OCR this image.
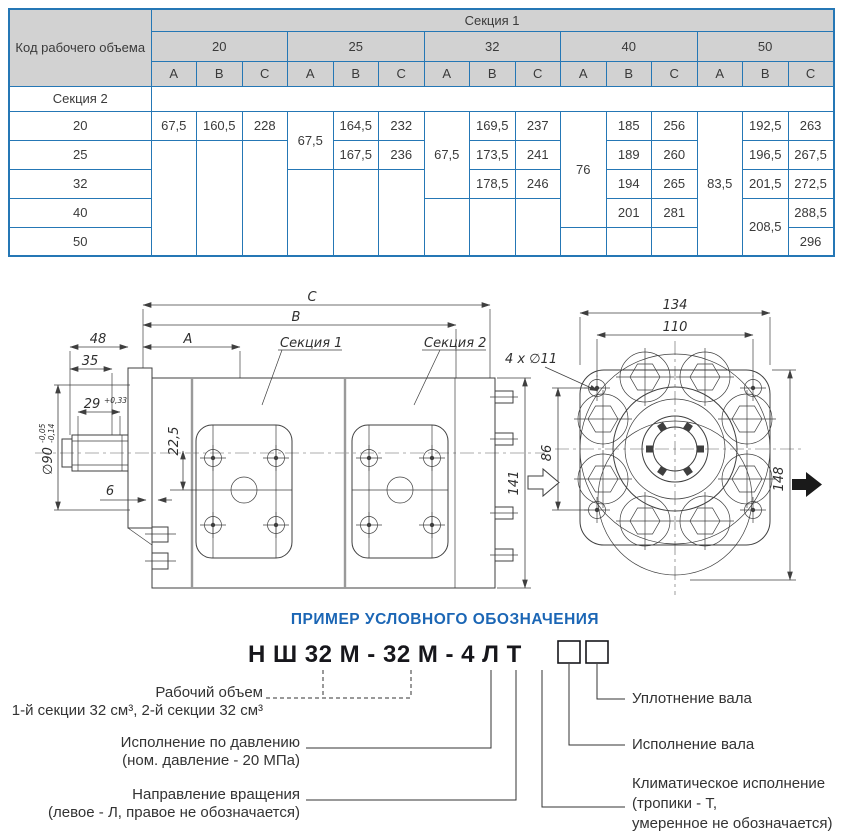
Код рабочего объема	Секция 1														
	20			25			32			40			50		
	A	B	C	A	B	C	A	B	C	A	B	C	A	B	C
Секция 2															
20	67,5	160,5	228	67,5	164,5	232	67,5	169,5	237	76	185	256	83,5	192,5	263
25					167,5	236		173,5	241		189	260		196,5	267,5
32								178,5	246		194	265		201,5	272,5
40											201	281		208,5	288,5
50															296
C
B
A
48
35
29 +0,33
22,5
∅90
-0,05 -0,14
6	141
Секция 1	Секция 2
134
110
4 x ∅11
86
148
ПРИМЕР УСЛОВНОГО ОБОЗНАЧЕНИЯ
Н Ш 32 М - 32 М - 4 Л Т
Рабочий объем
1-й секции 32 см³, 2-й секции 32 см³
Исполнение по давлению
(ном. давление - 20 МПа)
Направление вращения
(левое - Л, правое не обозначается)
Уплотнение вала
Исполнение вала
Климатическое исполнение
(тропики - Т,
умеренное не обозначается)
